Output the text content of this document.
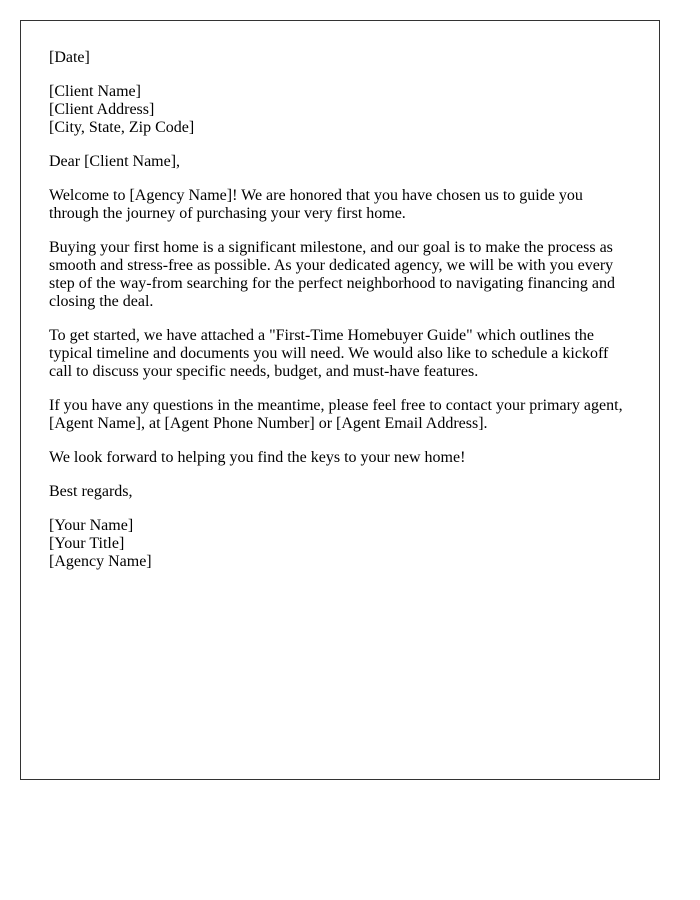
[Date]
[Client Name]
[Client Address]
[City, State, Zip Code]
Dear [Client Name],

Welcome to [Agency Name]! We are honored that you have chosen us to guide you through the journey of purchasing your very first home.

Buying your first home is a significant milestone, and our goal is to make the process as smooth and stress-free as possible. As your dedicated agency, we will be with you every step of the way-from searching for the perfect neighborhood to navigating financing and closing the deal.

To get started, we have attached a "First-Time Homebuyer Guide" which outlines the typical timeline and documents you will need. We would also like to schedule a kickoff call to discuss your specific needs, budget, and must-have features.

If you have any questions in the meantime, please feel free to contact your primary agent, [Agent Name], at [Agent Phone Number] or [Agent Email Address].

We look forward to helping you find the keys to your new home!

Best regards,
[Your Name]
[Your Title]
[Agency Name]
